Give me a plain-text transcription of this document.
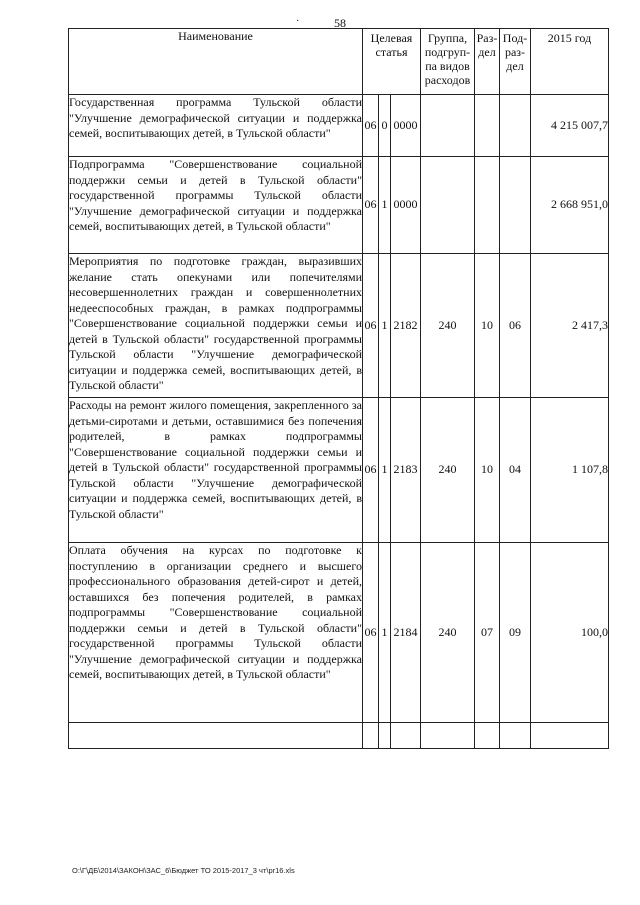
58
·
Наименование	Целевая статья			Группа, подгруп-па видов расходов	Раз-дел	Под-раз-дел	2015 год

Государственная программа Тульской области "Улучшение демографической ситуации и поддержка семей, воспитывающих детей, в Тульской области"	06	0	0000				4 215 007,7
Подпрограмма "Совершенствование социальной поддержки семьи и детей в Тульской области" государственной программы Тульской области "Улучшение демографической ситуации и поддержка семей, воспитывающих детей, в Тульской области"	06	1	0000				2 668 951,0
Мероприятия по подготовке граждан, выразивших желание стать опекунами или попечителями несовершеннолетних граждан и совершеннолетних недееспособных граждан, в рамках подпрограммы "Совершенствование социальной поддержки семьи и детей в Тульской области" государственной программы Тульской области "Улучшение демографической ситуации и поддержка семей, воспитывающих детей, в Тульской области"	06	1	2182	240	10	06	2 417,3
Расходы на ремонт жилого помещения, закрепленного за детьми-сиротами и детьми, оставшимися без попечения родителей, в рамках подпрограммы "Совершенствование социальной поддержки семьи и детей в Тульской области" государственной программы Тульской области "Улучшение демографической ситуации и поддержка семей, воспитывающих детей, в Тульской области"	06	1	2183	240	10	04	1 107,8
Оплата обучения на курсах по подготовке к поступлению в организации среднего и высшего профессионального образования детей-сирот и детей, оставшихся без попечения родителей, в рамках подпрограммы "Совершенствование социальной поддержки семьи и детей в Тульской области" государственной программы Тульской области "Улучшение демографической ситуации и поддержка семей, воспитывающих детей, в Тульской области"	06	1	2184	240	07	09	100,0

O:\Г\ДБ\2014\ЗАКОН\ЗАС_6\Бюджет ТО 2015-2017_3 чт\pr16.xls
